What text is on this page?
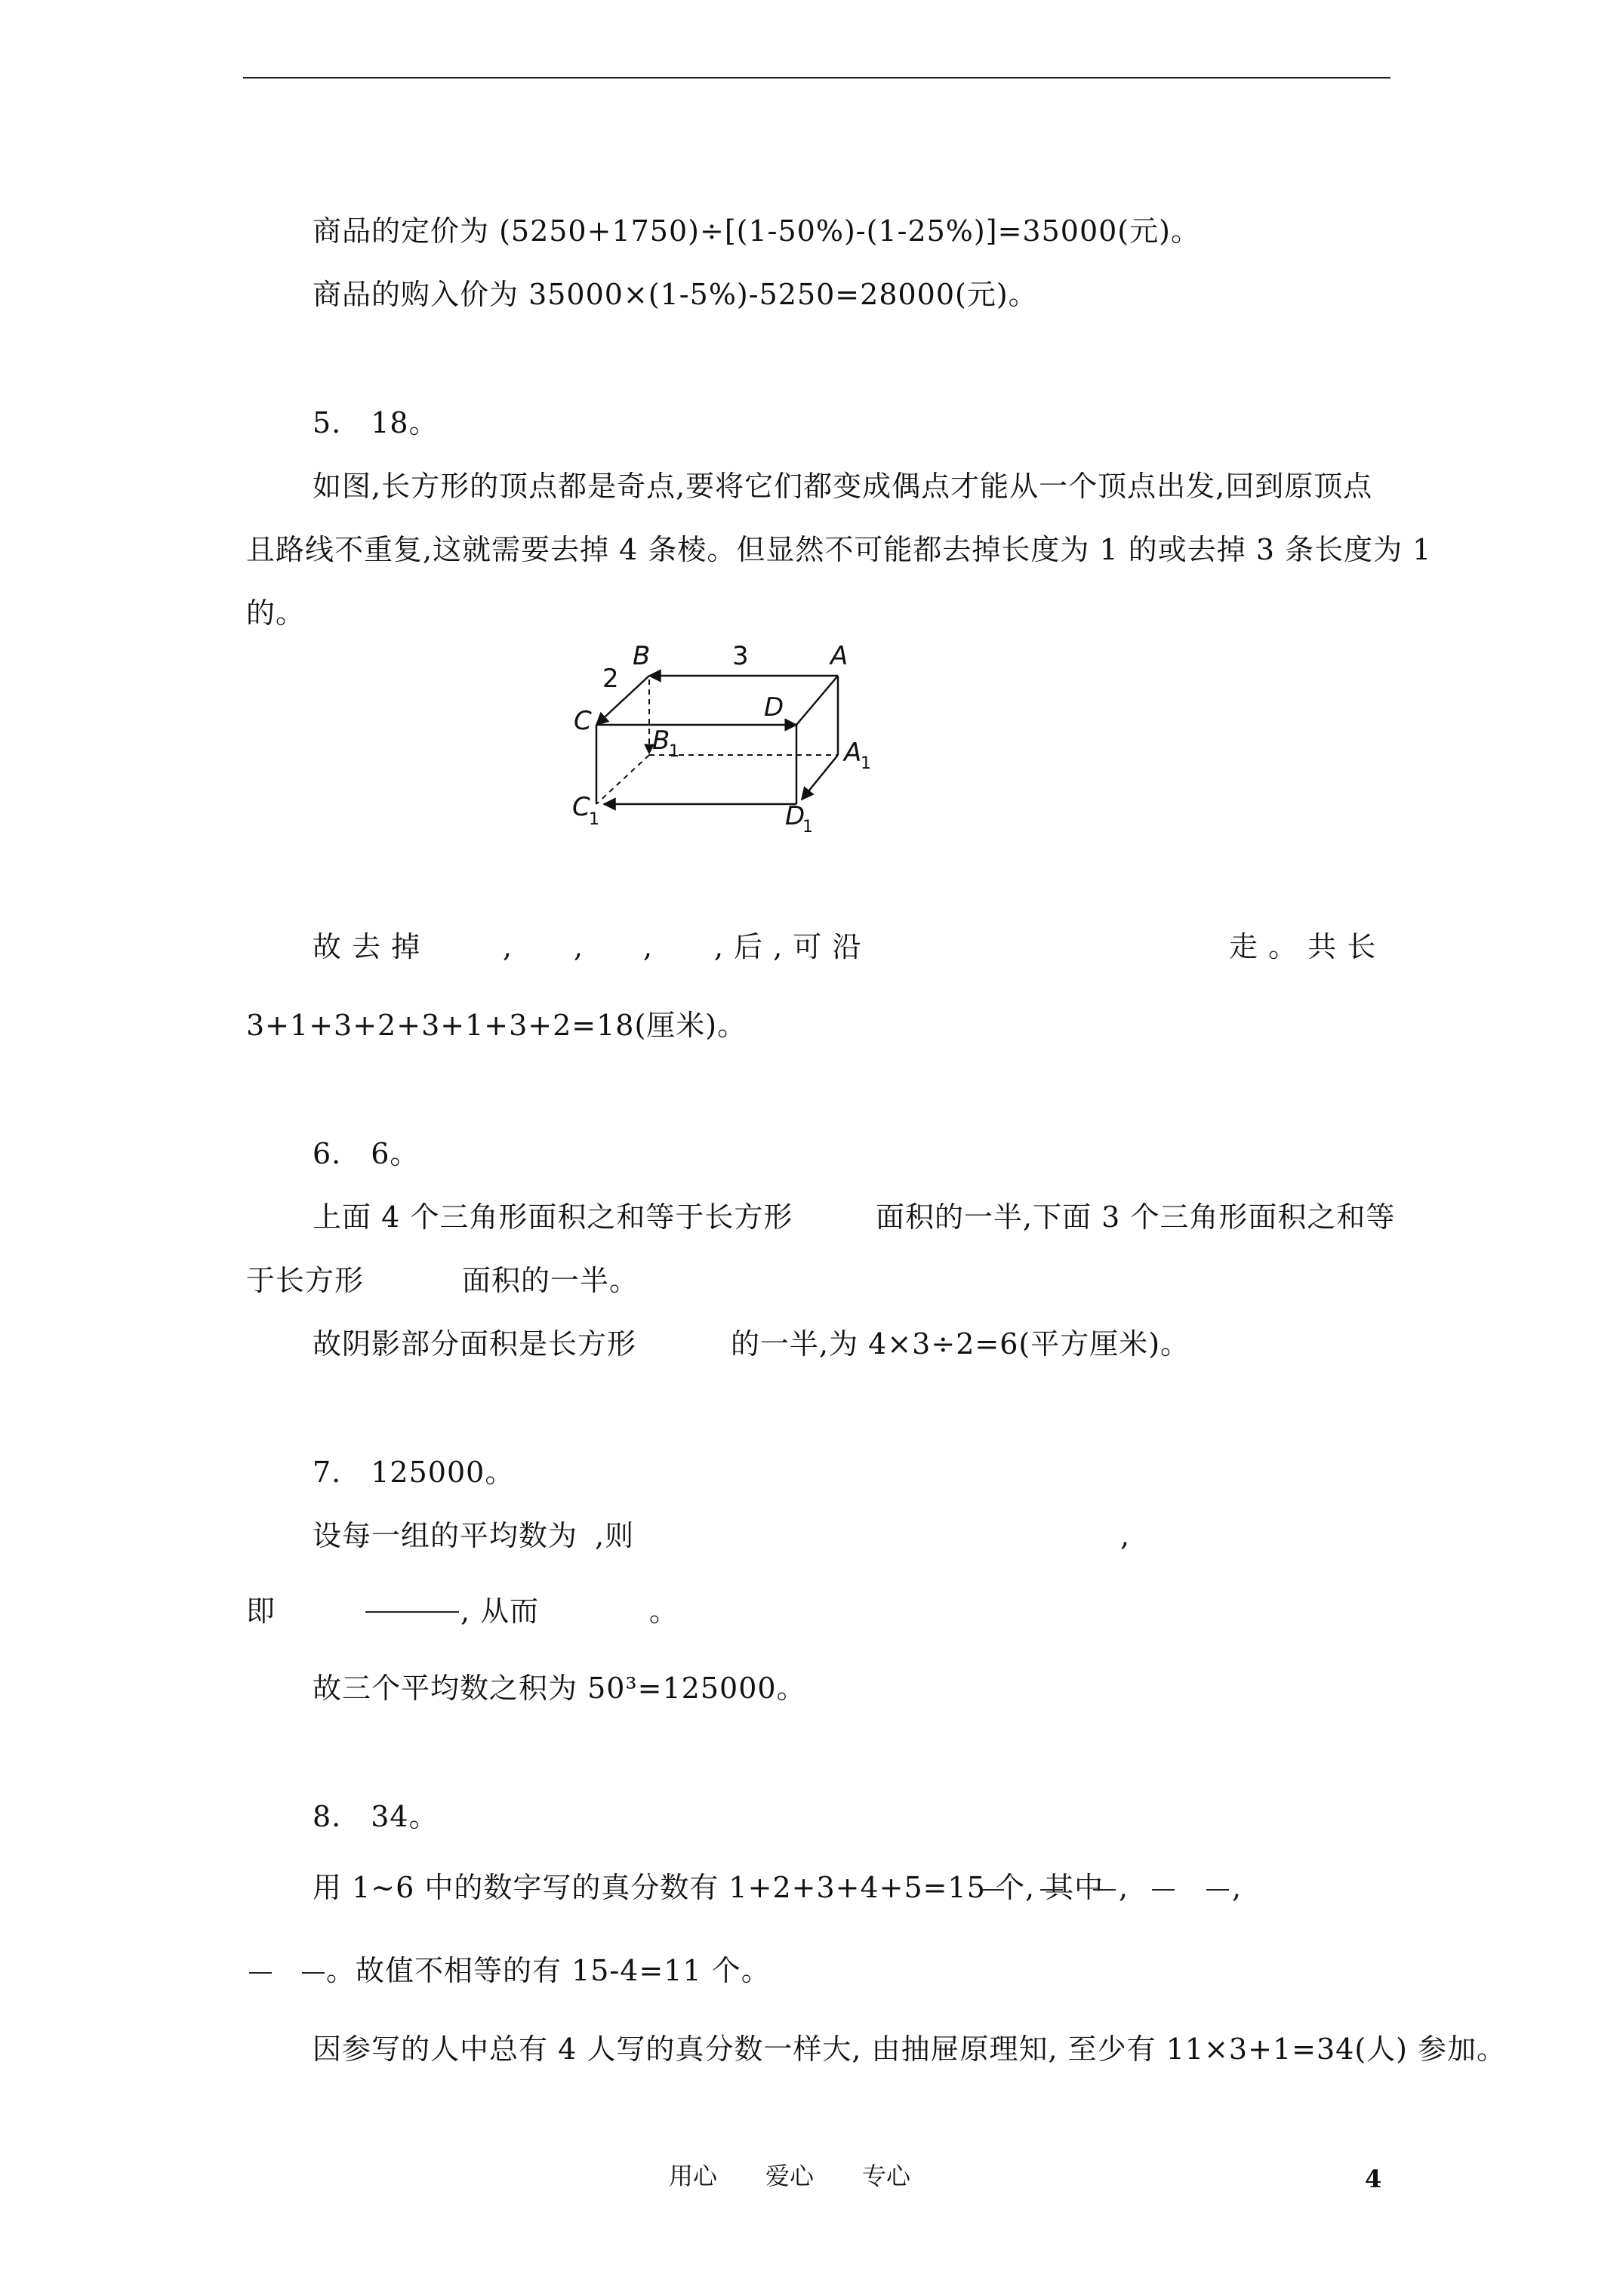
商品的定价为 (5250+1750)÷[(1-50%)-(1-25%)]=35000(元)。
商品的购入价为 35000×(1-5%)-5250=28000(元)。
5.　18。
如图,长方形的顶点都是奇点,要将它们都变成偶点才能从一个顶点出发,回到原顶点
且路线不重复,这就需要去掉 4 条棱。但显然不可能都去掉长度为 1 的或去掉 3 条长度为 1
的。
B	A
3
2
C	D
B
1	A
1
C
1	D
1
故 去 掉	, , , , 后 , 可 沿	走 。 共 长
3+1+3+2+3+1+3+2=18(厘米)。
6.　6。
上面 4 个三角形面积之和等于长方形	面积的一半,下面 3 个三角形面积之和等
于长方形	面积的一半。
故阴影部分面积是长方形	的一半,为 4×3÷2=6(平方厘米)。
7.　125000。
设每一组的平均数为 ,则	,
即	, 从而	。
故三个平均数之积为 50³=125000。
8.　34。
用 1~6 中的数字写的真分数有 1+2+3+4+5=15 个, 其中 ,	,
。故值不相等的有 15-4=11 个。
因参写的人中总有 4 人写的真分数一样大, 由抽屉原理知, 至少有 11×3+1=34(人) 参加。
用心　　爱心　　专心	4
